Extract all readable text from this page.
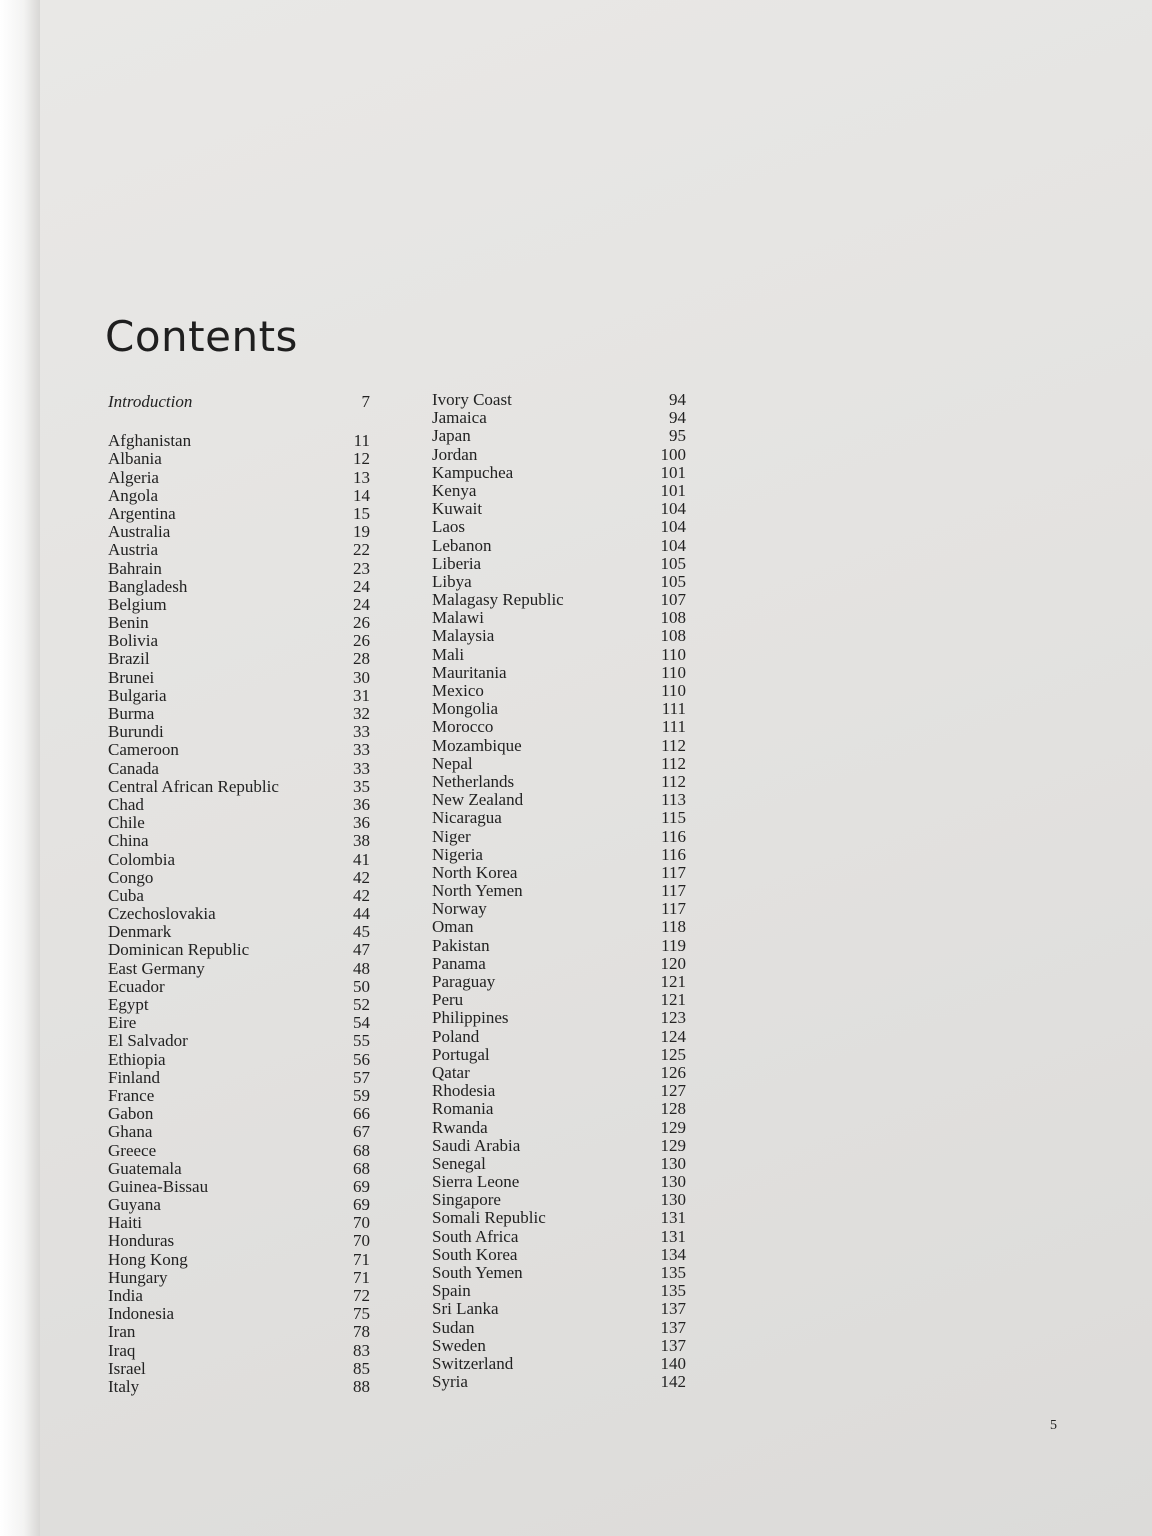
Contents
Introduction	7
Afghanistan	11
Albania	12
Algeria	13
Angola	14
Argentina	15
Australia	19
Austria	22
Bahrain	23
Bangladesh	24
Belgium	24
Benin	26
Bolivia	26
Brazil	28
Brunei	30
Bulgaria	31
Burma	32
Burundi	33
Cameroon	33
Canada	33
Central African Republic	35
Chad	36
Chile	36
China	38
Colombia	41
Congo	42
Cuba	42
Czechoslovakia	44
Denmark	45
Dominican Republic	47
East Germany	48
Ecuador	50
Egypt	52
Eire	54
El Salvador	55
Ethiopia	56
Finland	57
France	59
Gabon	66
Ghana	67
Greece	68
Guatemala	68
Guinea-Bissau	69
Guyana	69
Haiti	70
Honduras	70
Hong Kong	71
Hungary	71
India	72
Indonesia	75
Iran	78
Iraq	83
Israel	85
Italy	88
Ivory Coast	94
Jamaica	94
Japan	95
Jordan	100
Kampuchea	101
Kenya	101
Kuwait	104
Laos	104
Lebanon	104
Liberia	105
Libya	105
Malagasy Republic	107
Malawi	108
Malaysia	108
Mali	110
Mauritania	110
Mexico	110
Mongolia	111
Morocco	111
Mozambique	112
Nepal	112
Netherlands	112
New Zealand	113
Nicaragua	115
Niger	116
Nigeria	116
North Korea	117
North Yemen	117
Norway	117
Oman	118
Pakistan	119
Panama	120
Paraguay	121
Peru	121
Philippines	123
Poland	124
Portugal	125
Qatar	126
Rhodesia	127
Romania	128
Rwanda	129
Saudi Arabia	129
Senegal	130
Sierra Leone	130
Singapore	130
Somali Republic	131
South Africa	131
South Korea	134
South Yemen	135
Spain	135
Sri Lanka	137
Sudan	137
Sweden	137
Switzerland	140
Syria	142
5
